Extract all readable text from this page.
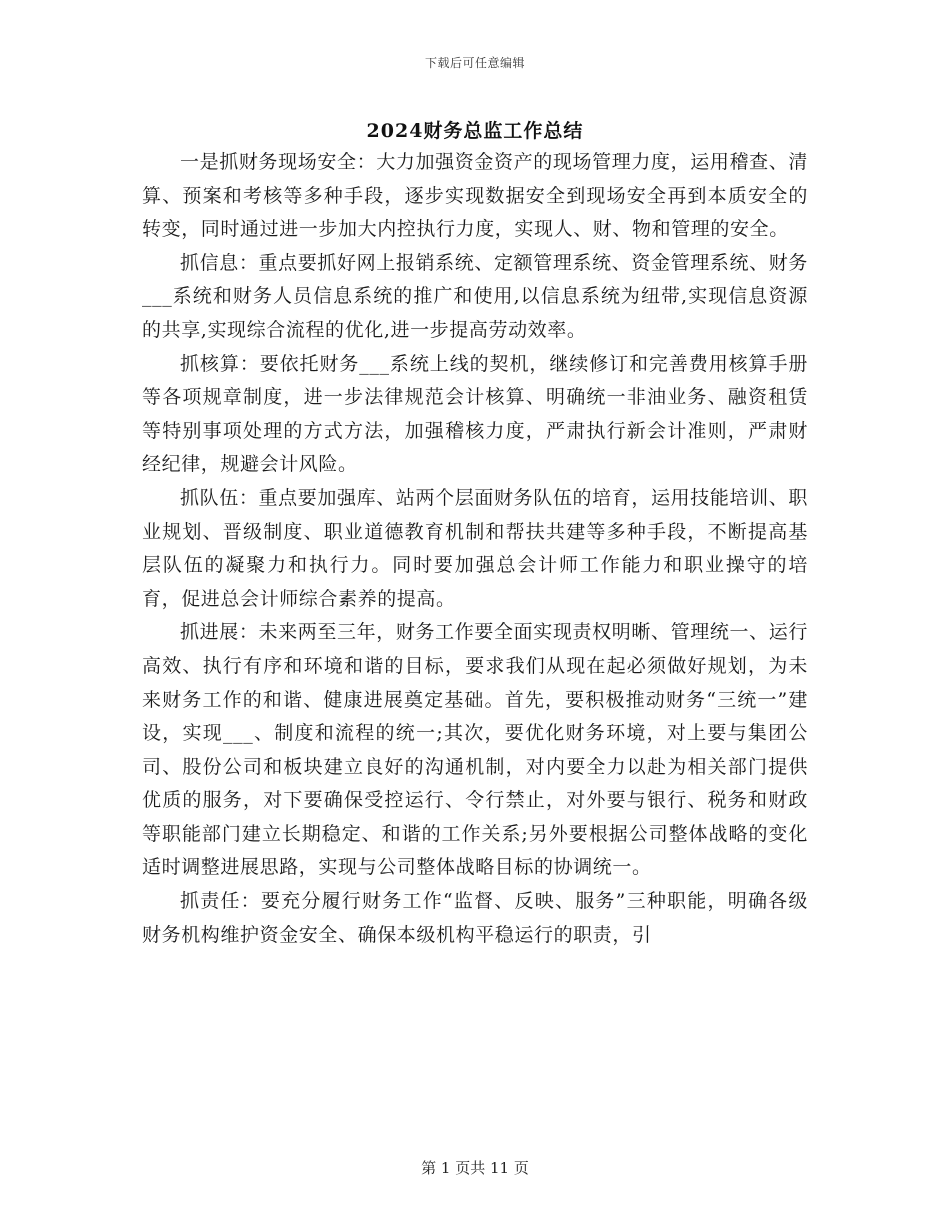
下载后可任意编辑
2024财务总监工作总结

一是抓财务现场安全：大力加强资金资产的现场管理力度，运用稽查、清算、预案和考核等多种手段，逐步实现数据安全到现场安全再到本质安全的转变，同时通过进一步加大内控执行力度，实现人、财、物和管理的安全。

抓信息：重点要抓好网上报销系统、定额管理系统、资金管理系统、财务___系统和财务人员信息系统的推广和使用,以信息系统为纽带,实现信息资源的共享,实现综合流程的优化,进一步提高劳动效率。

抓核算：要依托财务___系统上线的契机，继续修订和完善费用核算手册等各项规章制度，进一步法律规范会计核算、明确统一非油业务、融资租赁等特别事项处理的方式方法，加强稽核力度，严肃执行新会计准则，严肃财经纪律，规避会计风险。

抓队伍：重点要加强库、站两个层面财务队伍的培育，运用技能培训、职业规划、晋级制度、职业道德教育机制和帮扶共建等多种手段，不断提高基层队伍的凝聚力和执行力。同时要加强总会计师工作能力和职业操守的培育，促进总会计师综合素养的提高。

抓进展：未来两至三年，财务工作要全面实现责权明晰、管理统一、运行高效、执行有序和环境和谐的目标，要求我们从现在起必须做好规划，为未来财务工作的和谐、健康进展奠定基础。首先，要积极推动财务“三统一”建设，实现___、制度和流程的统一;其次，要优化财务环境，对上要与集团公司、股份公司和板块建立良好的沟通机制，对内要全力以赴为相关部门提供优质的服务，对下要确保受控运行、令行禁止，对外要与银行、税务和财政等职能部门建立长期稳定、和谐的工作关系;另外要根据公司整体战略的变化适时调整进展思路，实现与公司整体战略目标的协调统一。

抓责任：要充分履行财务工作“监督、反映、服务”三种职能，明确各级财务机构维护资金安全、确保本级机构平稳运行的职责，引

第 1 页共 11 页
